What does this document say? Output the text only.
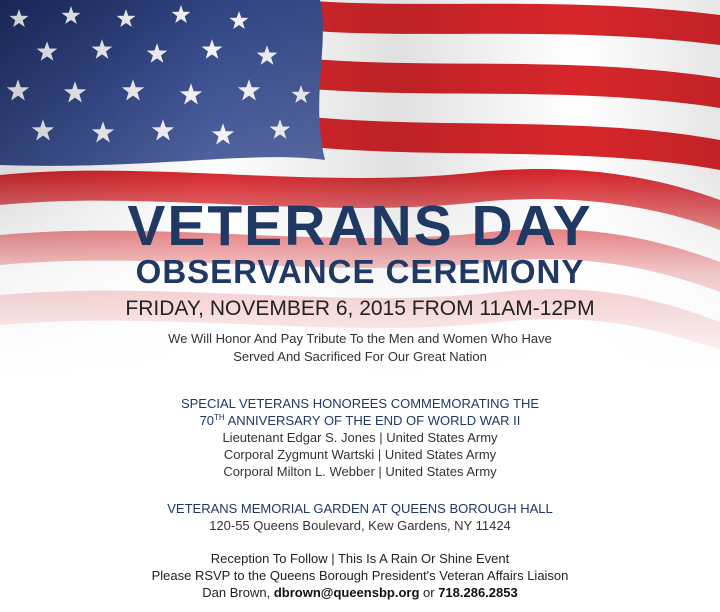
VETERANS DAY
OBSERVANCE CEREMONY
FRIDAY, NOVEMBER 6, 2015 FROM 11AM-12PM
We Will Honor And Pay Tribute To the Men and Women Who Have
Served And Sacrificed For Our Great Nation
SPECIAL VETERANS HONOREES COMMEMORATING THE
70TH ANNIVERSARY OF THE END OF WORLD WAR II
Lieutenant Edgar S. Jones | United States Army
Corporal Zygmunt Wartski | United States Army
Corporal Milton L. Webber | United States Army
VETERANS MEMORIAL GARDEN AT QUEENS BOROUGH HALL
120-55 Queens Boulevard, Kew Gardens, NY 11424
Reception To Follow | This Is A Rain Or Shine Event
Please RSVP to the Queens Borough President's Veteran Affairs Liaison
Dan Brown, dbrown@queensbp.org or 718.286.2853
